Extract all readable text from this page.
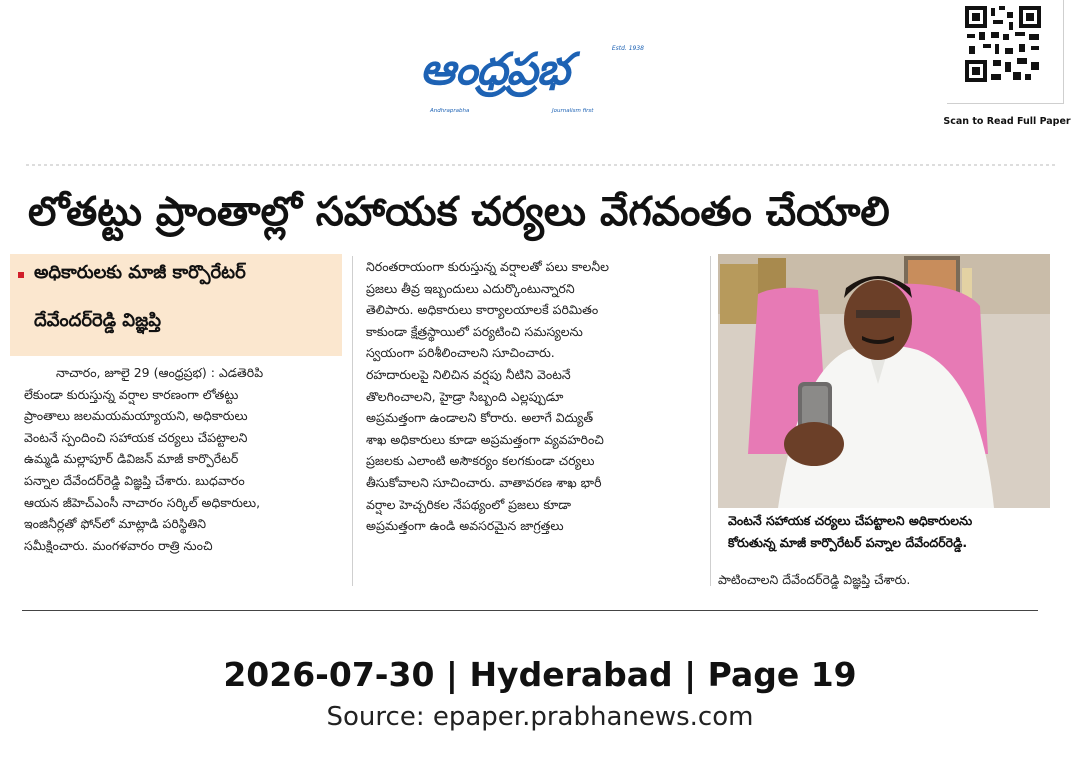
ఆంధ్రప్రభ	Estd. 1938
Andhraprabha	Journalism first
Scan to Read Full Paper
లోతట్టు ప్రాంతాల్లో సహాయక చర్యలు వేగవంతం చేయాలి
అధికారులకు మాజీ కార్పొరేటర్
దేవేందర్‌రెడ్డి విజ్ఞప్తి
నాచారం, జూలై 29 (ఆంధ్రప్రభ) : ఎడతెరిపి
లేకుండా కురుస్తున్న వర్షాల కారణంగా లోతట్టు
ప్రాంతాలు జలమయమయ్యాయని, అధికారులు
వెంటనే స్పందించి సహాయక చర్యలు చేపట్టాలని
ఉమ్మడి మల్లాపూర్ డివిజన్ మాజీ కార్పొరేటర్
పన్నాల దేవేందర్‌రెడ్డి విజ్ఞప్తి చేశారు. బుధవారం
ఆయన జీహెచ్ఎంసీ నాచారం సర్కిల్ అధికారులు,
ఇంజినీర్లతో ఫోన్‌లో మాట్లాడి పరిస్థితిని
సమీక్షించారు. మంగళవారం రాత్రి నుంచి
నిరంతరాయంగా కురుస్తున్న వర్షాలతో పలు కాలనీల
ప్రజలు తీవ్ర ఇబ్బందులు ఎదుర్కొంటున్నారని
తెలిపారు. అధికారులు కార్యాలయాలకే పరిమితం
కాకుండా క్షేత్రస్థాయిలో పర్యటించి సమస్యలను
స్వయంగా పరిశీలించాలని సూచించారు.
రహదారులపై నిలిచిన వర్షపు నీటిని వెంటనే
తొలగించాలని, హైడ్రా సిబ్బంది ఎల్లప్పుడూ
అప్రమత్తంగా ఉండాలని కోరారు. అలాగే విద్యుత్
శాఖ అధికారులు కూడా అప్రమత్తంగా వ్యవహరించి
ప్రజలకు ఎలాంటి అసౌకర్యం కలగకుండా చర్యలు
తీసుకోవాలని సూచించారు. వాతావరణ శాఖ భారీ
వర్షాల హెచ్చరికల నేపథ్యంలో ప్రజలు కూడా
అప్రమత్తంగా ఉండి అవసరమైన జాగ్రత్తలు	వెంటనే సహాయక చర్యలు చేపట్టాలని అధికారులను
కోరుతున్న మాజీ కార్పొరేటర్ పన్నాల దేవేందర్‌రెడ్డి.
పాటించాలని దేవేందర్‌రెడ్డి విజ్ఞప్తి చేశారు.
2026-07-30 | Hyderabad | Page 19
Source: epaper.prabhanews.com
